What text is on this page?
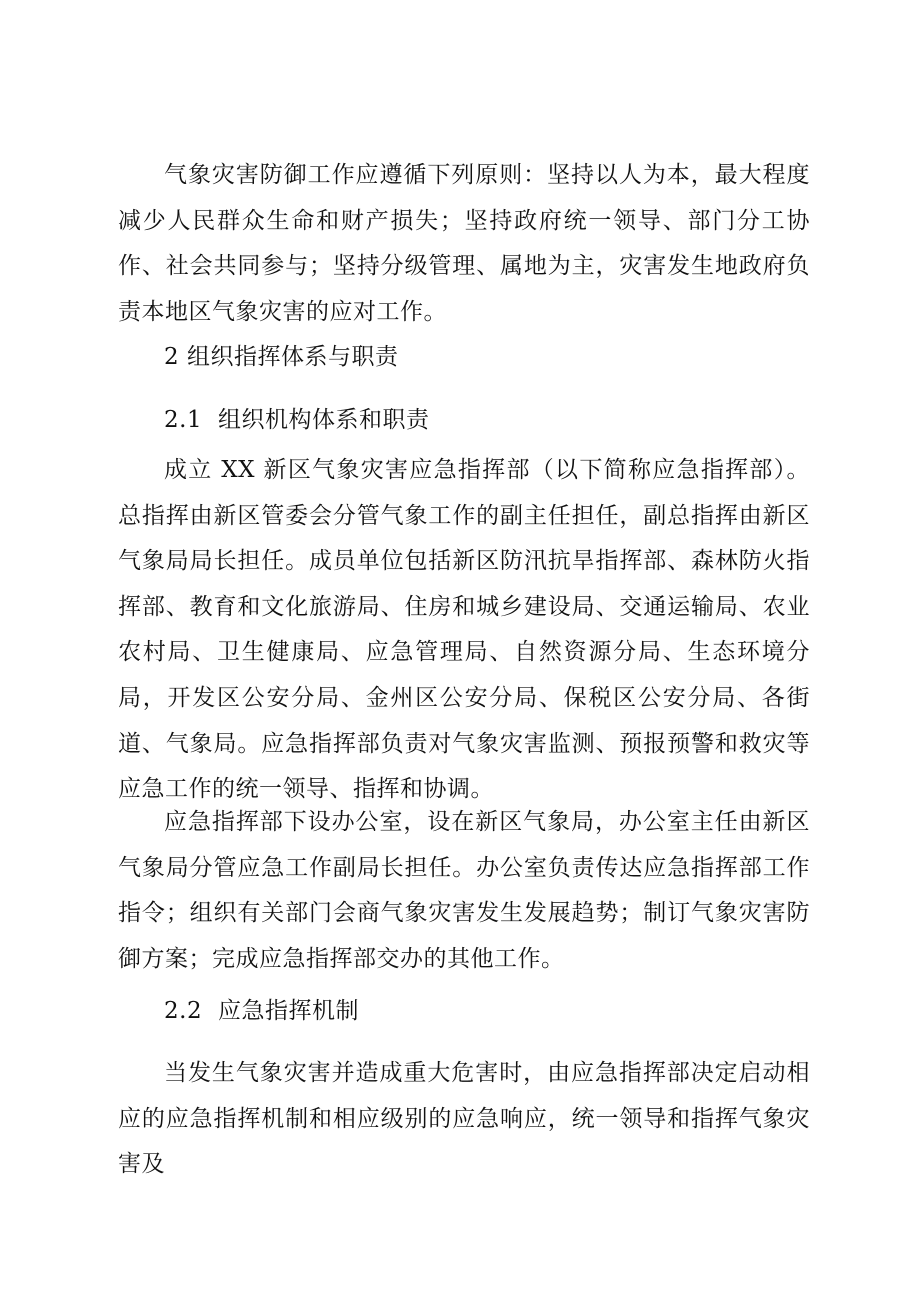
气象灾害防御工作应遵循下列原则：坚持以人为本，最大程度减少人民群众生命和财产损失；坚持政府统一领导、部门分工协作、社会共同参与；坚持分级管理、属地为主，灾害发生地政府负责本地区气象灾害的应对工作。

2 组织指挥体系与职责
2.1 组织机构体系和职责

成立 XX 新区气象灾害应急指挥部（以下简称应急指挥部）。总指挥由新区管委会分管气象工作的副主任担任，副总指挥由新区气象局局长担任。成员单位包括新区防汛抗旱指挥部、森林防火指挥部、教育和文化旅游局、住房和城乡建设局、交通运输局、农业农村局、卫生健康局、应急管理局、自然资源分局、生态环境分局，开发区公安分局、金州区公安分局、保税区公安分局、各街道、气象局。应急指挥部负责对气象灾害监测、预报预警和救灾等应急工作的统一领导、指挥和协调。

应急指挥部下设办公室，设在新区气象局，办公室主任由新区气象局分管应急工作副局长担任。办公室负责传达应急指挥部工作指令；组织有关部门会商气象灾害发生发展趋势；制订气象灾害防御方案；完成应急指挥部交办的其他工作。

2.2 应急指挥机制

当发生气象灾害并造成重大危害时，由应急指挥部决定启动相应的应急指挥机制和相应级别的应急响应，统一领导和指挥气象灾害及
